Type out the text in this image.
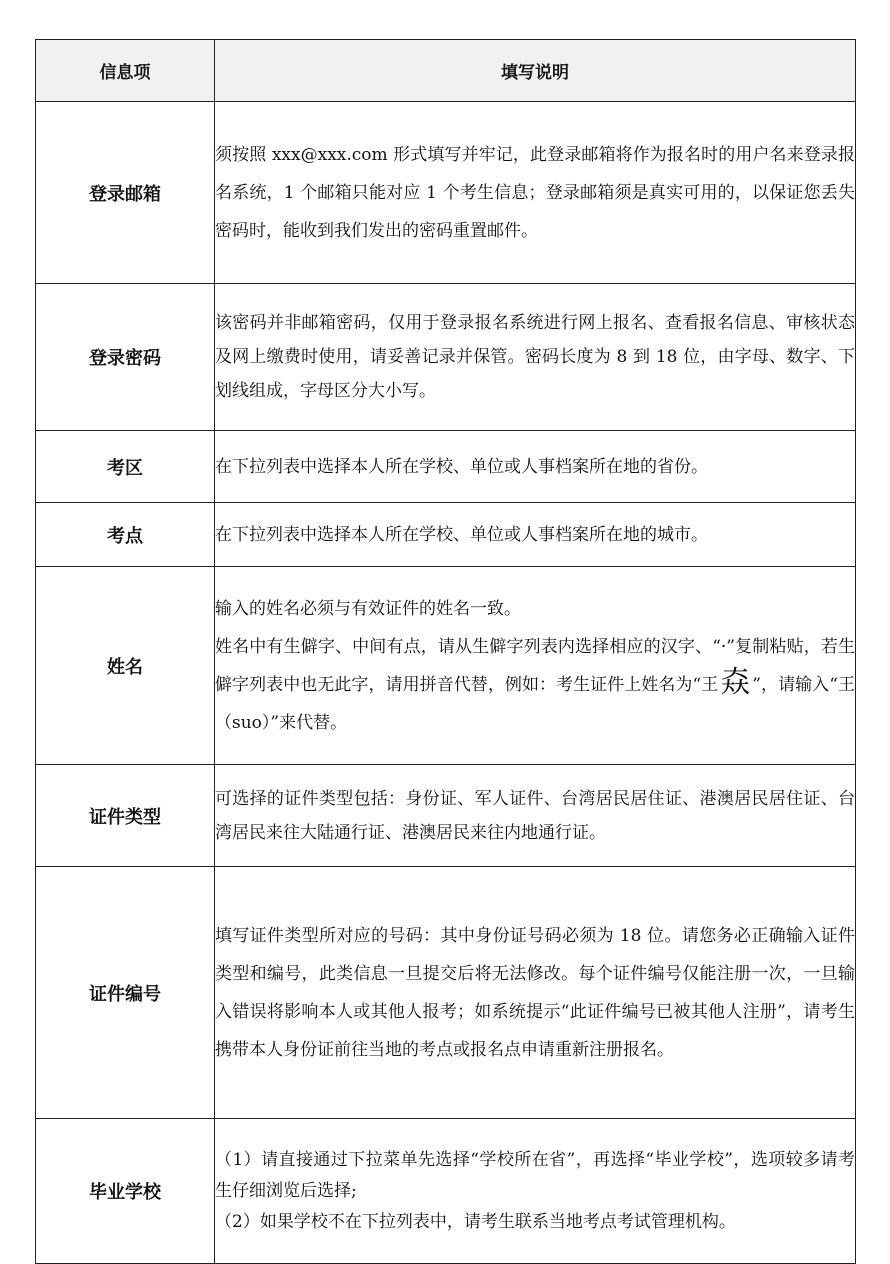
信息项	填写说明
登录邮箱	须按照 xxx@xxx.com 形式填写并牢记，此登录邮箱将作为报名时的用户名来登录报名系统，1 个邮箱只能对应 1 个考生信息；登录邮箱须是真实可用的，以保证您丢失密码时，能收到我们发出的密码重置邮件。
登录密码	该密码并非邮箱密码，仅用于登录报名系统进行网上报名、查看报名信息、审核状态及网上缴费时使用，请妥善记录并保管。密码长度为 8 到 18 位，由字母、数字、下划线组成，字母区分大小写。
考区	在下拉列表中选择本人所在学校、单位或人事档案所在地的省份。
考点	在下拉列表中选择本人所在学校、单位或人事档案所在地的城市。
姓名	输入的姓名必须与有效证件的姓名一致。

姓名中有生僻字、中间有点，请从生僻字列表内选择相应的汉字、“·”复制粘贴，若生僻字列表中也无此字，请用拼音代替，例如：考生证件上姓名为“王𡘙 ”，请输入“王（suo）”来代替。

证件类型	可选择的证件类型包括：身份证、军人证件、台湾居民居住证、港澳居民居住证、台湾居民来往大陆通行证、港澳居民来往内地通行证。
证件编号	填写证件类型所对应的号码：其中身份证号码必须为 18 位。请您务必正确输入证件类型和编号，此类信息一旦提交后将无法修改。每个证件编号仅能注册一次，一旦输入错误将影响本人或其他人报考；如系统提示“此证件编号已被其他人注册”，请考生携带本人身份证前往当地的考点或报名点申请重新注册报名。
毕业学校	（1）请直接通过下拉菜单先选择“学校所在省”，再选择“毕业学校”，选项较多请考生仔细浏览后选择;

（2）如果学校不在下拉列表中，请考生联系当地考点考试管理机构。
